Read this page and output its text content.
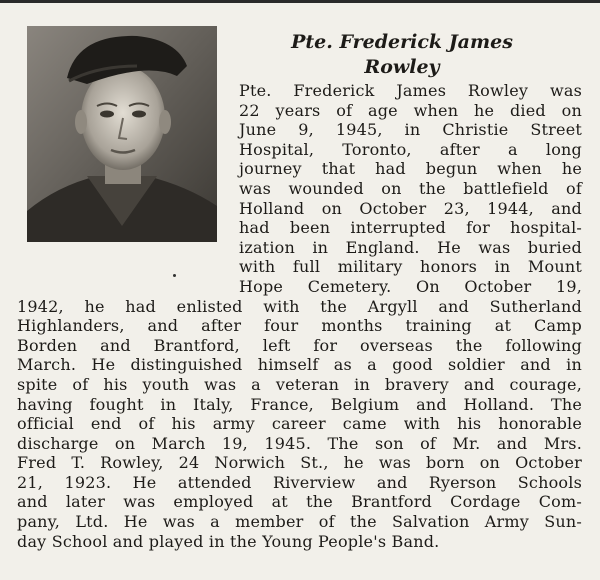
Pte. Frederick James
Rowley
Pte. Frederick James Rowley was
22 years of age when he died on
June 9, 1945, in Christie Street
Hospital, Toronto, after a long
journey that had begun when he
was wounded on the battlefield of
Holland on October 23, 1944, and
had been interrupted for hospital-
ization in England. He was buried
with full military honors in Mount
Hope Cemetery. On October 19,
1942, he had enlisted with the Argyll and Sutherland
Highlanders, and after four months training at Camp
Borden and Brantford, left for overseas the following
March. He distinguished himself as a good soldier and in
spite of his youth was a veteran in bravery and courage,
having fought in Italy, France, Belgium and Holland. The
official end of his army career came with his honorable
discharge on March 19, 1945. The son of Mr. and Mrs.
Fred T. Rowley, 24 Norwich St., he was born on October
21, 1923. He attended Riverview and Ryerson Schools
and later was employed at the Brantford Cordage Com-
pany, Ltd. He was a member of the Salvation Army Sun-
day School and played in the Young People's Band.
